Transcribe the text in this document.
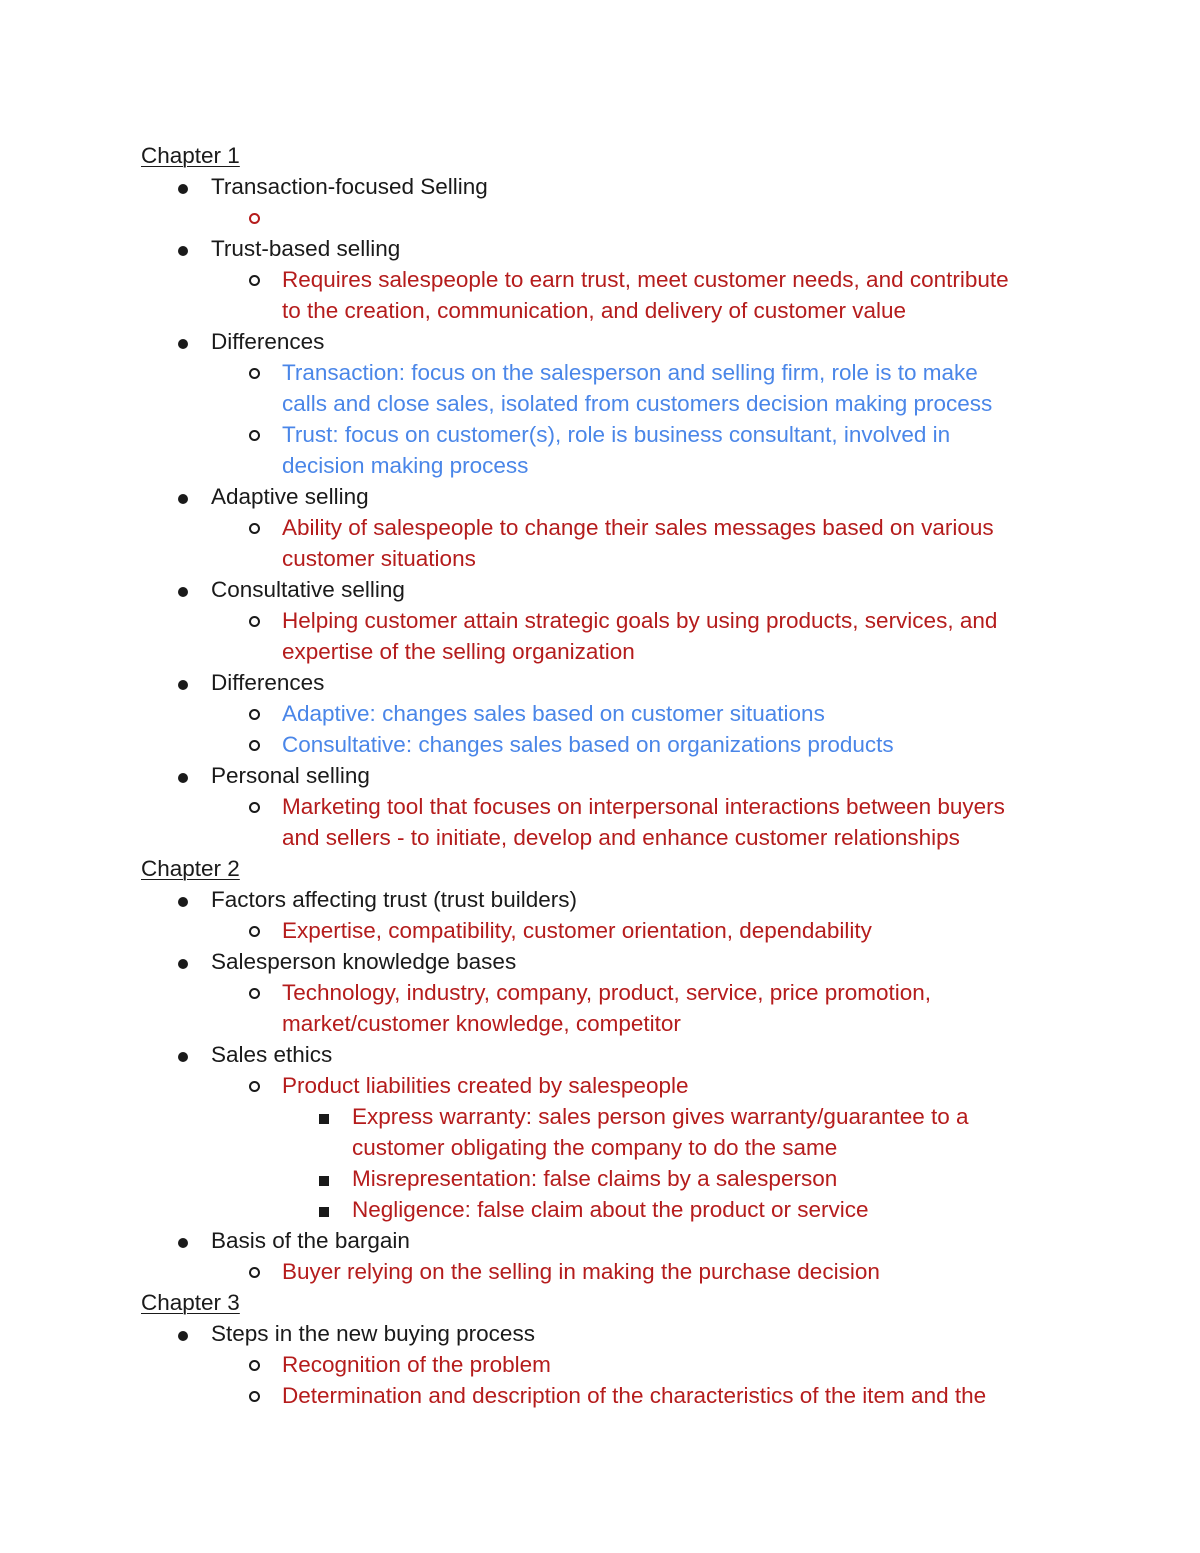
Chapter 1
Transaction-focused Selling
Trust-based selling
Requires salespeople to earn trust, meet customer needs, and contribute
to the creation, communication, and delivery of customer value
Differences
Transaction: focus on the salesperson and selling firm, role is to make
calls and close sales, isolated from customers decision making process
Trust: focus on customer(s), role is business consultant, involved in
decision making process
Adaptive selling
Ability of salespeople to change their sales messages based on various
customer situations
Consultative selling
Helping customer attain strategic goals by using products, services, and
expertise of the selling organization
Differences
Adaptive: changes sales based on customer situations
Consultative: changes sales based on organizations products
Personal selling
Marketing tool that focuses on interpersonal interactions between buyers
and sellers - to initiate, develop and enhance customer relationships
Chapter 2
Factors affecting trust (trust builders)
Expertise, compatibility, customer orientation, dependability
Salesperson knowledge bases
Technology, industry, company, product, service, price promotion,
market/customer knowledge, competitor
Sales ethics
Product liabilities created by salespeople
Express warranty: sales person gives warranty/guarantee to a
customer obligating the company to do the same
Misrepresentation: false claims by a salesperson
Negligence: false claim about the product or service
Basis of the bargain
Buyer relying on the selling in making the purchase decision
Chapter 3
Steps in the new buying process
Recognition of the problem
Determination and description of the characteristics of the item and the
